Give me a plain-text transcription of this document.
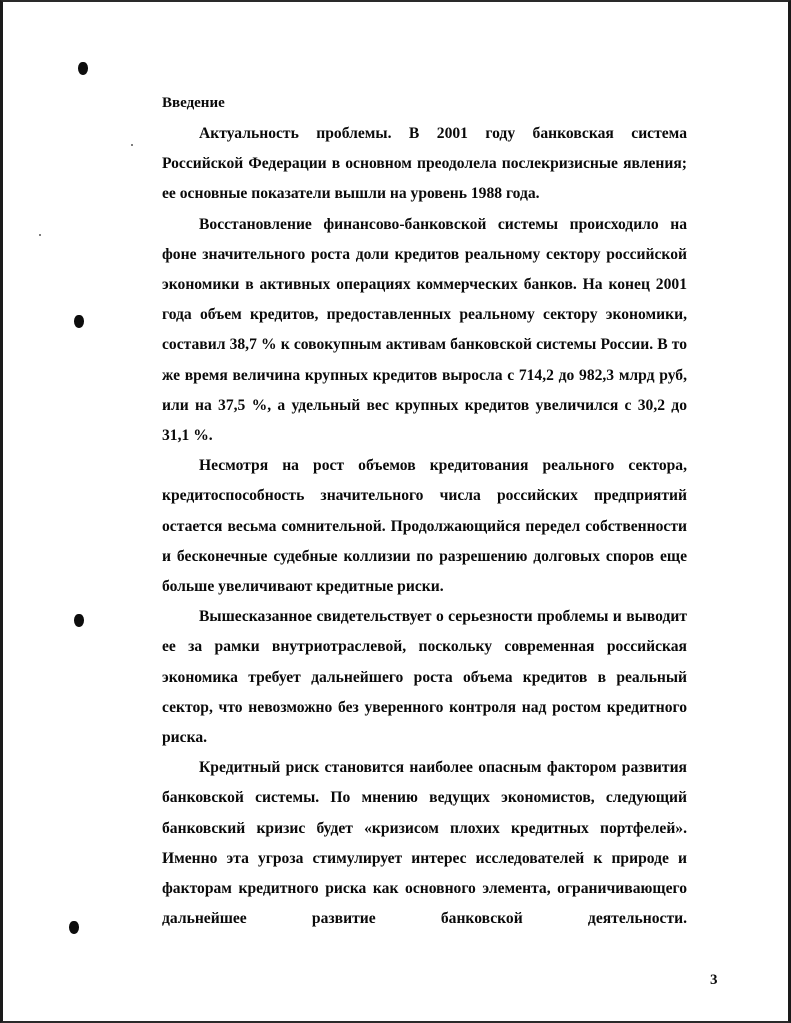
Введение

Актуальность проблемы. В 2001 году банковская система Российской Федерации в основном преодолела послекризисные явления; ее основные показатели вышли на уровень 1988 года.

Восстановление финансово-банковской системы происходило на фоне значительного роста доли кредитов реальному сектору российской экономики в активных операциях коммерческих банков. На конец 2001 года объем кредитов, предоставленных реальному сектору экономики, составил 38,7 % к совокупным активам банковской системы России. В то же время величина крупных кредитов выросла с 714,2 до 982,3 млрд руб, или на 37,5 %, а удельный вес крупных кредитов увеличился с 30,2 до 31,1 %.

Несмотря на рост объемов кредитования реального сектора, кредитоспособность значительного числа российских предприятий остается весьма сомнительной. Продолжающийся передел собственности и бесконечные судебные коллизии по разрешению долговых споров еще больше увеличивают кредитные риски.

Вышесказанное свидетельствует о серьезности проблемы и выводит ее за рамки внутриотраслевой, поскольку современная российская экономика требует дальнейшего роста объема кредитов в реальный сектор, что невозможно без уверенного контроля над ростом кредитного риска.

Кредитный риск становится наиболее опасным фактором развития банковской системы. По мнению ведущих экономистов, следующий банковский кризис будет «кризисом плохих кредитных портфелей». Именно эта угроза стимулирует интерес исследователей к природе и факторам кредитного риска как основного элемента, ограничивающего дальнейшее развитие банковской деятельности.

3
